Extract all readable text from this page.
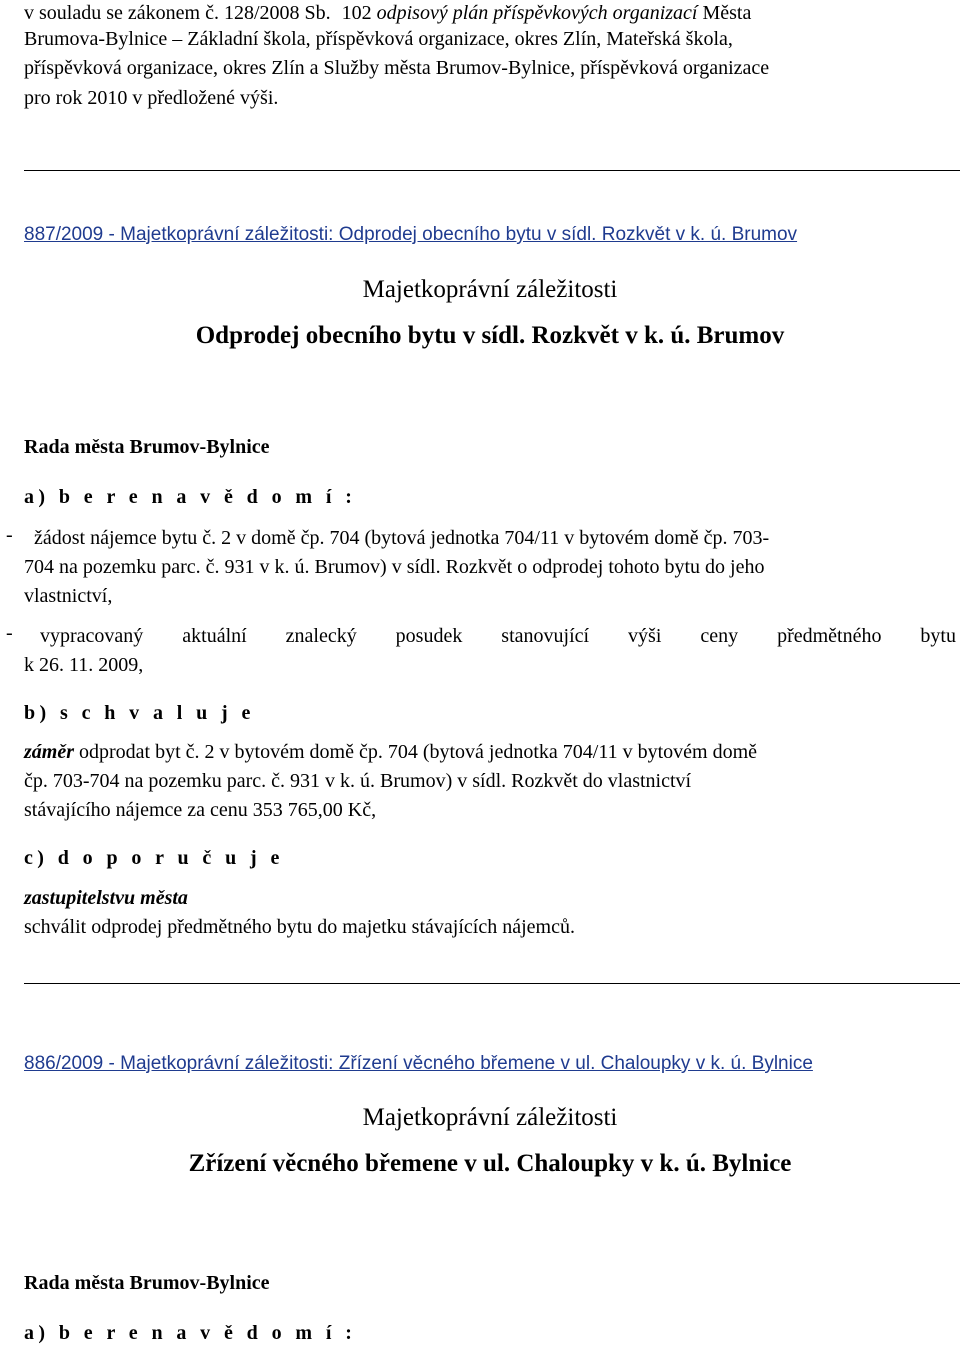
v souladu se zákonem č. 128/2008 Sb. 102 odpisový plán příspěvkových organizací Města
Brumova-Bylnice – Základní škola, příspěvková organizace, okres Zlín, Mateřská škola,
příspěvková organizace, okres Zlín a Služby města Brumov-Bylnice, příspěvková organizace
pro rok 2010 v předložené výši.
887/2009 - Majetkoprávní záležitosti: Odprodej obecního bytu v sídl. Rozkvět v k. ú. Brumov
Majetkoprávní záležitosti
Odprodej obecního bytu v sídl. Rozkvět v k. ú. Brumov
Rada města Brumov-Bylnice
a) b e r e n a v ě d o m í :
- žádost nájemce bytu č. 2 v domě čp. 704 (bytová jednotka 704/11 v bytovém domě čp. 703-
704 na pozemku parc. č. 931 v k. ú. Brumov) v sídl. Rozkvět o odprodej tohoto bytu do jeho
vlastnictví,
- vypracovaný aktuální znalecký posudek stanovující výši ceny předmětného bytu
k 26. 11. 2009,
b) s c h v a l u j e
záměr odprodat byt č. 2 v bytovém domě čp. 704 (bytová jednotka 704/11 v bytovém domě
čp. 703-704 na pozemku parc. č. 931 v k. ú. Brumov) v sídl. Rozkvět do vlastnictví
stávajícího nájemce za cenu 353 765,00 Kč,
c) d o p o r u č u j e
zastupitelstvu města
schválit odprodej předmětného bytu do majetku stávajících nájemců.
886/2009 - Majetkoprávní záležitosti: Zřízení věcného břemene v ul. Chaloupky v k. ú. Bylnice
Majetkoprávní záležitosti
Zřízení věcného břemene v ul. Chaloupky v k. ú. Bylnice
Rada města Brumov-Bylnice
a) b e r e n a v ě d o m í :
